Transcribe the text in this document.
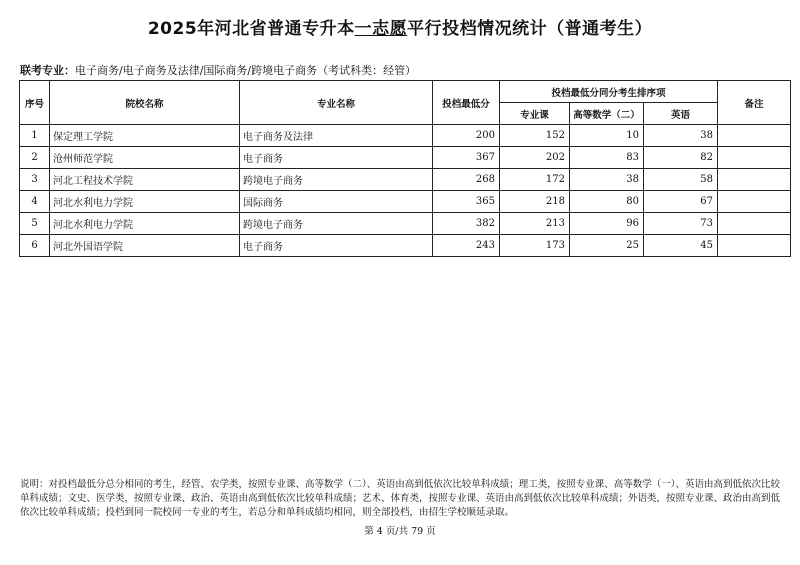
2025年河北省普通专升本一志愿平行投档情况统计（普通考生）
联考专业：电子商务/电子商务及法律/国际商务/跨境电子商务（考试科类：经管）
序号	院校名称	专业名称	投档最低分	投档最低分同分考生排序项			备注
				专业课	高等数学（二）	英语	
1	保定理工学院	电子商务及法律	200	152	10	38	
2	沧州师范学院	电子商务	367	202	83	82	
3	河北工程技术学院	跨境电子商务	268	172	38	58	
4	河北水利电力学院	国际商务	365	218	80	67	
5	河北水利电力学院	跨境电子商务	382	213	96	73	
6	河北外国语学院	电子商务	243	173	25	45	
说明：对投档最低分总分相同的考生，经管、农学类，按照专业课、高等数学（二）、英语由高到低依次比较单科成绩；理工类，按照专业课、高等数学（一）、英语由高到低依次比较单科成绩；文史、医学类，按照专业课、政治、英语由高到低依次比较单科成绩；艺术、体育类，按照专业课、英语由高到低依次比较单科成绩；外语类，按照专业课、政治由高到低依次比较单科成绩；投档到同一院校同一专业的考生，若总分和单科成绩均相同，则全部投档，由招生学校顺延录取。
第 4 页/共 79 页
